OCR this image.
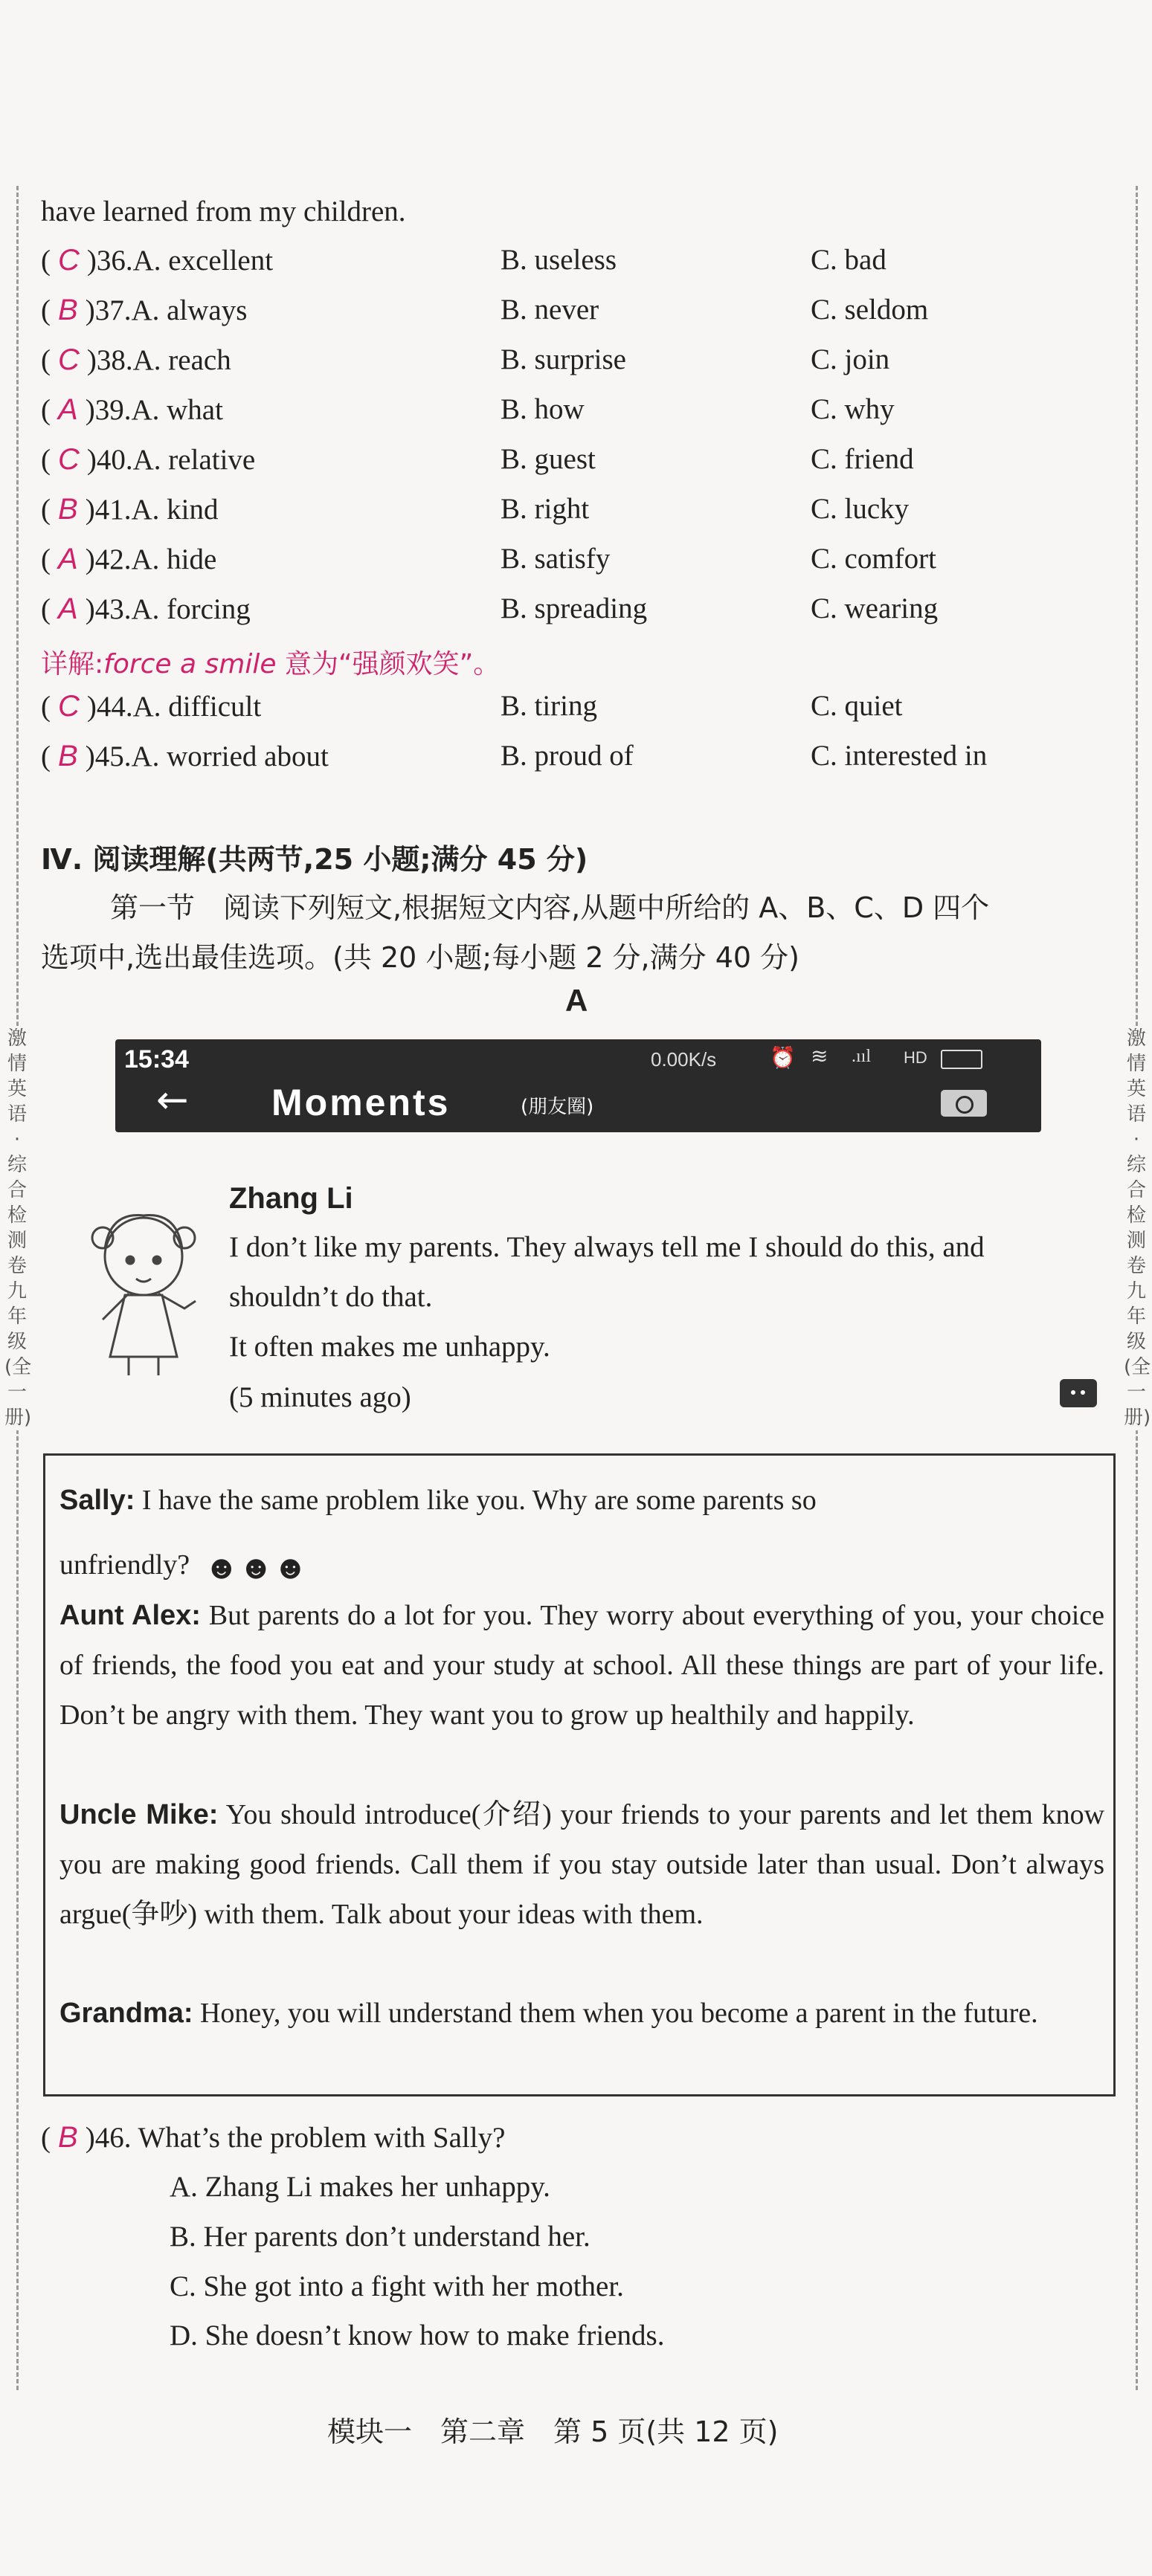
激情英语·综合检测卷 九年级(全一册)
激情英语·综合检测卷 九年级(全一册)
have learned from my children.
( C )36.A. excellent	B. useless	C. bad
( B )37.A. always	B. never	C. seldom
( C )38.A. reach	B. surprise	C. join
( A )39.A. what	B. how	C. why
( C )40.A. relative	B. guest	C. friend
( B )41.A. kind	B. right	C. lucky
( A )42.A. hide	B. satisfy	C. comfort
( A )43.A. forcing	B. spreading	C. wearing
详解:force a smile 意为“强颜欢笑”。
( C )44.A. difficult	B. tiring	C. quiet
( B )45.A. worried about	B. proud of	C. interested in
Ⅳ. 阅读理解(共两节,25 小题;满分 45 分)
第一节　阅读下列短文,根据短文内容,从题中所给的 A、B、C、D 四个
选项中,选出最佳选项。(共 20 小题;每小题 2 分,满分 40 分)
A
15:34	0.00K/s	⏰ ≋ .ııl HD
← Moments	(朋友圈)
Zhang Li
I don’t like my parents. They always tell me I should do this, and
shouldn’t do that.
It often makes me unhappy.
(5 minutes ago)
Sally: I have the same problem like you. Why are some parents so
unfriendly? ☻☻☻
Aunt Alex: But parents do a lot for you. They worry about everything of you, your choice of friends, the food you eat and your study at school. All these things are part of your life. Don’t be angry with them. They want you to grow up healthily and happily.
Uncle Mike: You should introduce(介绍) your friends to your parents and let them know you are making good friends. Call them if you stay outside later than usual. Don’t always argue(争吵) with them. Talk about your ideas with them.
Grandma: Honey, you will understand them when you become a parent in the future.
( B )46. What’s the problem with Sally?
A. Zhang Li makes her unhappy.
B. Her parents don’t understand her.
C. She got into a fight with her mother.
D. She doesn’t know how to make friends.
模块一　第二章　第 5 页(共 12 页)
